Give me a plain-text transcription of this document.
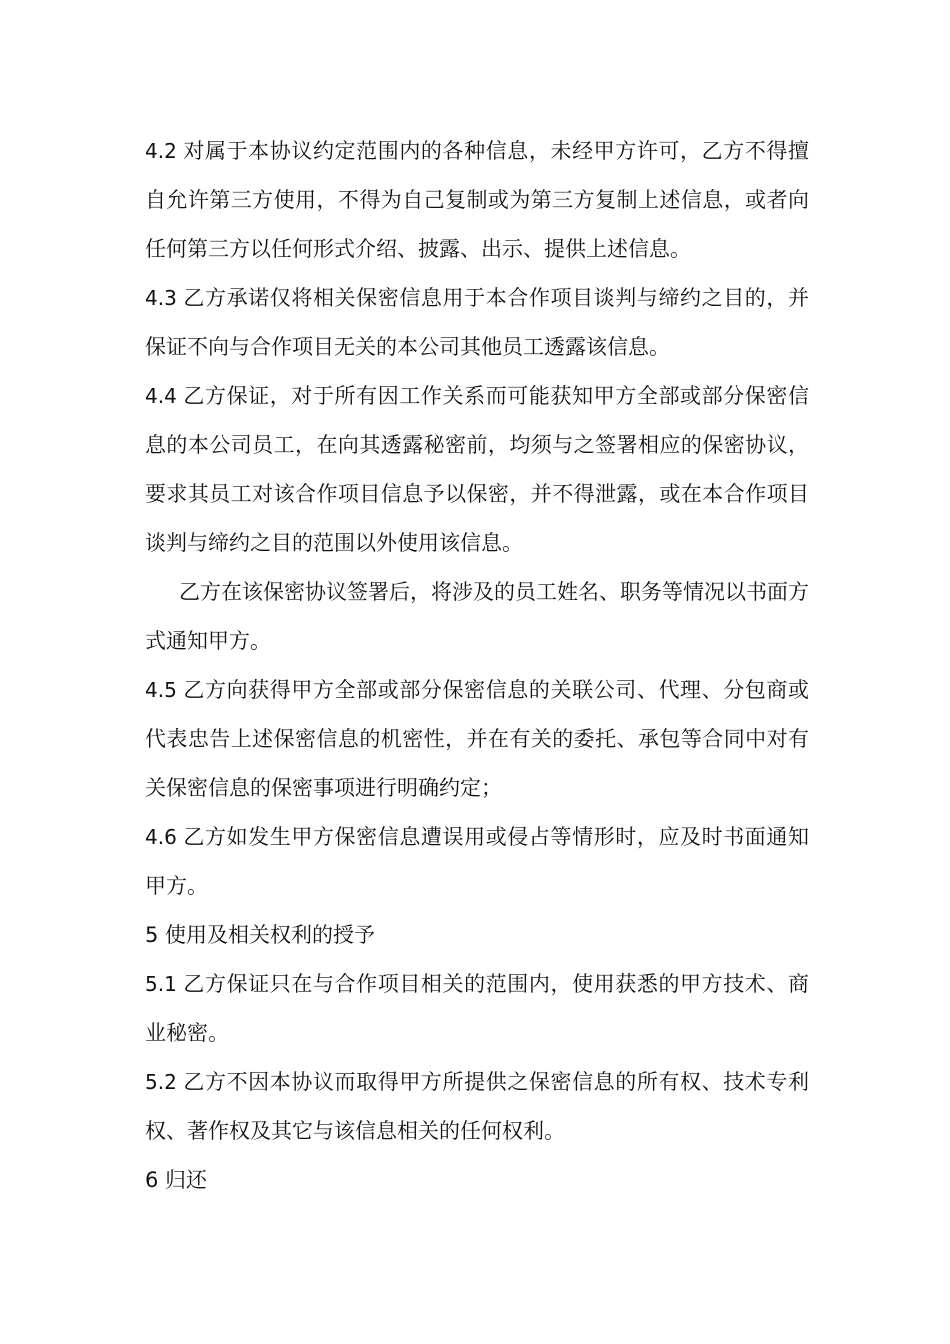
4.2 对属于本协议约定范围内的各种信息，未经甲方许可，乙方不得擅自允许第三方使用，不得为自己复制或为第三方复制上述信息，或者向任何第三方以任何形式介绍、披露、出示、提供上述信息。

4.3 乙方承诺仅将相关保密信息用于本合作项目谈判与缔约之目的，并保证不向与合作项目无关的本公司其他员工透露该信息。

4.4 乙方保证，对于所有因工作关系而可能获知甲方全部或部分保密信息的本公司员工，在向其透露秘密前，均须与之签署相应的保密协议，要求其员工对该合作项目信息予以保密，并不得泄露，或在本合作项目谈判与缔约之目的范围以外使用该信息。

乙方在该保密协议签署后，将涉及的员工姓名、职务等情况以书面方式通知甲方。

4.5 乙方向获得甲方全部或部分保密信息的关联公司、代理、分包商或代表忠告上述保密信息的机密性，并在有关的委托、承包等合同中对有关保密信息的保密事项进行明确约定；

4.6 乙方如发生甲方保密信息遭误用或侵占等情形时，应及时书面通知甲方。

5 使用及相关权利的授予

5.1 乙方保证只在与合作项目相关的范围内，使用获悉的甲方技术、商业秘密。

5.2 乙方不因本协议而取得甲方所提供之保密信息的所有权、技术专利权、著作权及其它与该信息相关的任何权利。

6 归还
